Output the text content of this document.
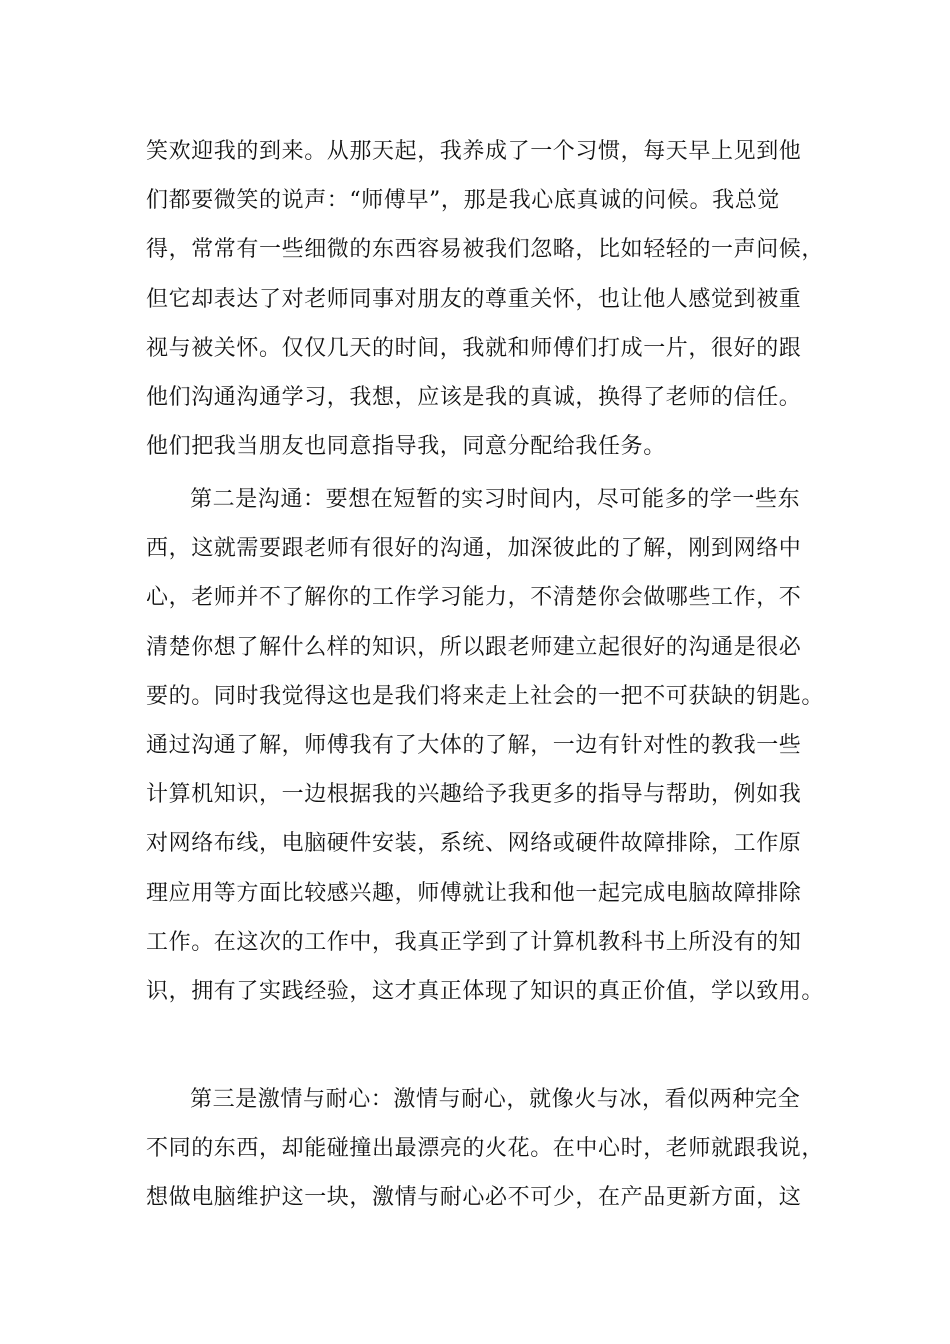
笑欢迎我的到来。从那天起，我养成了一个习惯，每天早上见到他
们都要微笑的说声：“师傅早”，那是我心底真诚的问候。我总觉
得，常常有一些细微的东西容易被我们忽略，比如轻轻的一声问候，
但它却表达了对老师同事对朋友的尊重关怀，也让他人感觉到被重
视与被关怀。仅仅几天的时间，我就和师傅们打成一片，很好的跟
他们沟通沟通学习，我想，应该是我的真诚，换得了老师的信任。
他们把我当朋友也同意指导我，同意分配给我任务。
第二是沟通：要想在短暂的实习时间内，尽可能多的学一些东
西，这就需要跟老师有很好的沟通，加深彼此的了解，刚到网络中
心，老师并不了解你的工作学习能力，不清楚你会做哪些工作，不
清楚你想了解什么样的知识，所以跟老师建立起很好的沟通是很必
要的。同时我觉得这也是我们将来走上社会的一把不可获缺的钥匙。
通过沟通了解，师傅我有了大体的了解，一边有针对性的教我一些
计算机知识，一边根据我的兴趣给予我更多的指导与帮助，例如我
对网络布线，电脑硬件安装，系统、网络或硬件故障排除，工作原
理应用等方面比较感兴趣，师傅就让我和他一起完成电脑故障排除
工作。在这次的工作中，我真正学到了计算机教科书上所没有的知
识，拥有了实践经验，这才真正体现了知识的真正价值，学以致用。
第三是激情与耐心：激情与耐心，就像火与冰，看似两种完全
不同的东西，却能碰撞出最漂亮的火花。在中心时，老师就跟我说，
想做电脑维护这一块，激情与耐心必不可少，在产品更新方面，这
